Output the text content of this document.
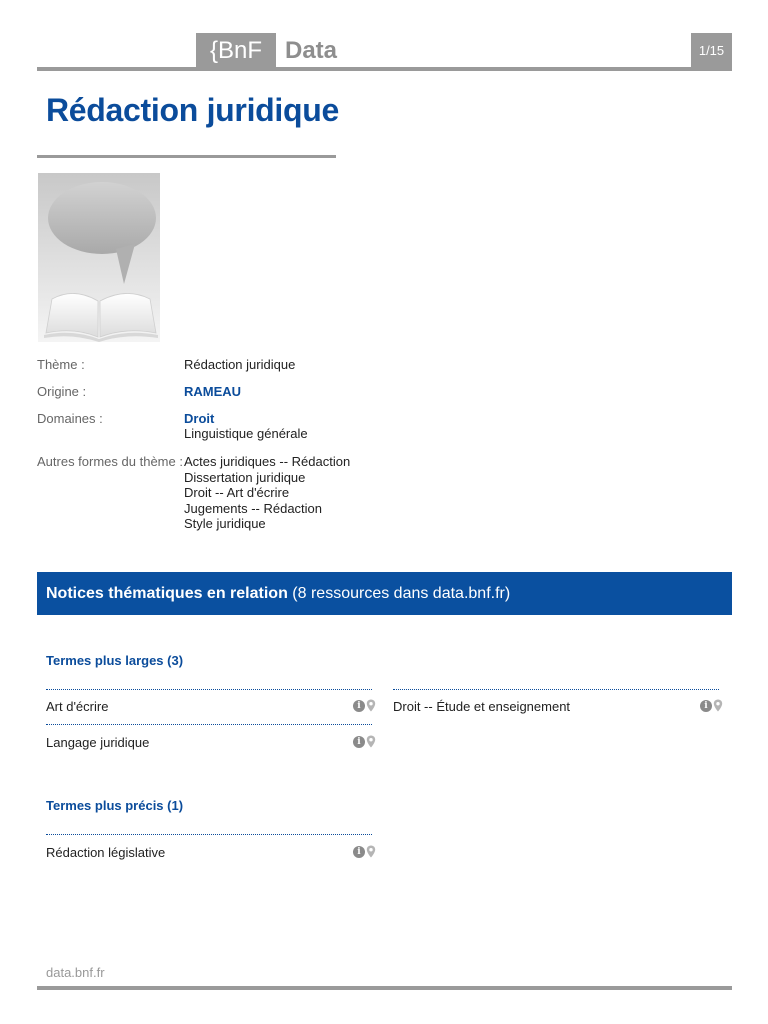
{BnF Data	1/15
Rédaction juridique
Thème :	Rédaction juridique
Origine :	RAMEAU
Domaines :	Droit
Linguistique générale
Autres formes du thème : Actes juridiques -- Rédaction
Dissertation juridique
Droit -- Art d'écrire
Jugements -- Rédaction
Style juridique
Notices thématiques en relation (8 ressources dans data.bnf.fr)
Termes plus larges (3)
Art d'écrire	i	Droit -- Étude et enseignement	i
Langage juridique	i
Termes plus précis (1)
Rédaction législative	i
data.bnf.fr
